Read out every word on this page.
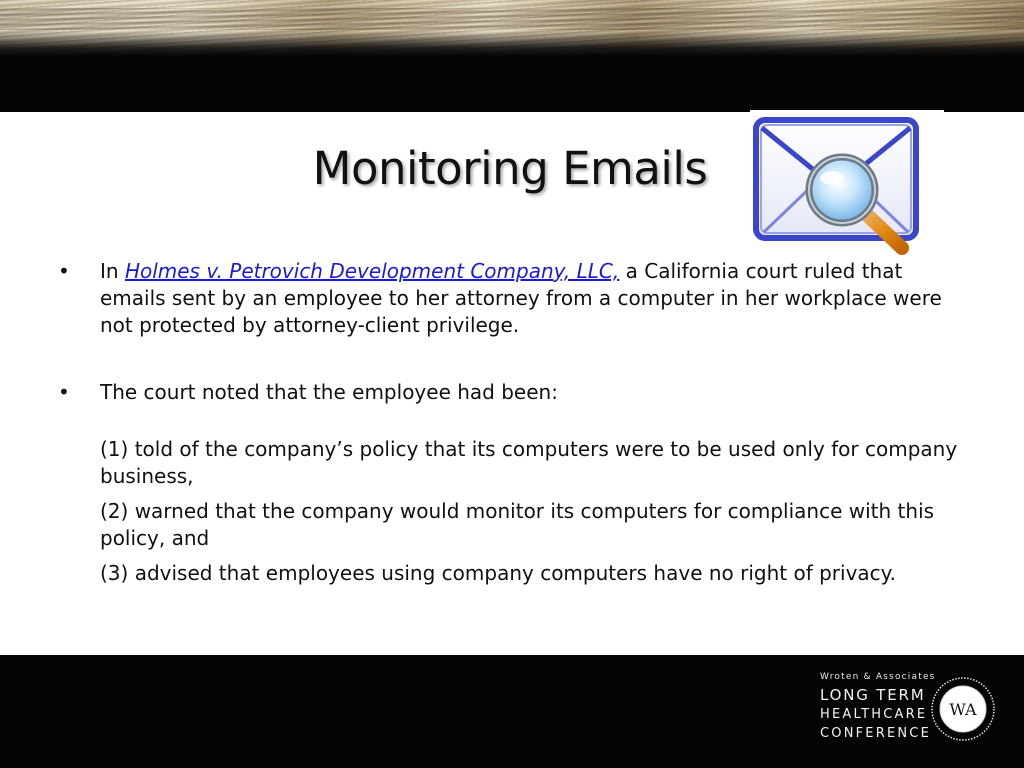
Monitoring Emails

• In Holmes v. Petrovich Development Company, LLC, a California court ruled that emails sent by an employee to her attorney from a computer in her workplace were not protected by attorney-client privilege.

• The court noted that the employee had been:

(1) told of the company’s policy that its computers were to be used only for company business,

(2) warned that the company would monitor its computers for compliance with this policy, and

(3) advised that employees using company computers have no right of privacy.

Wroten & Associates
LONG TERM
HEALTHCARE
CONFERENCE
WA
